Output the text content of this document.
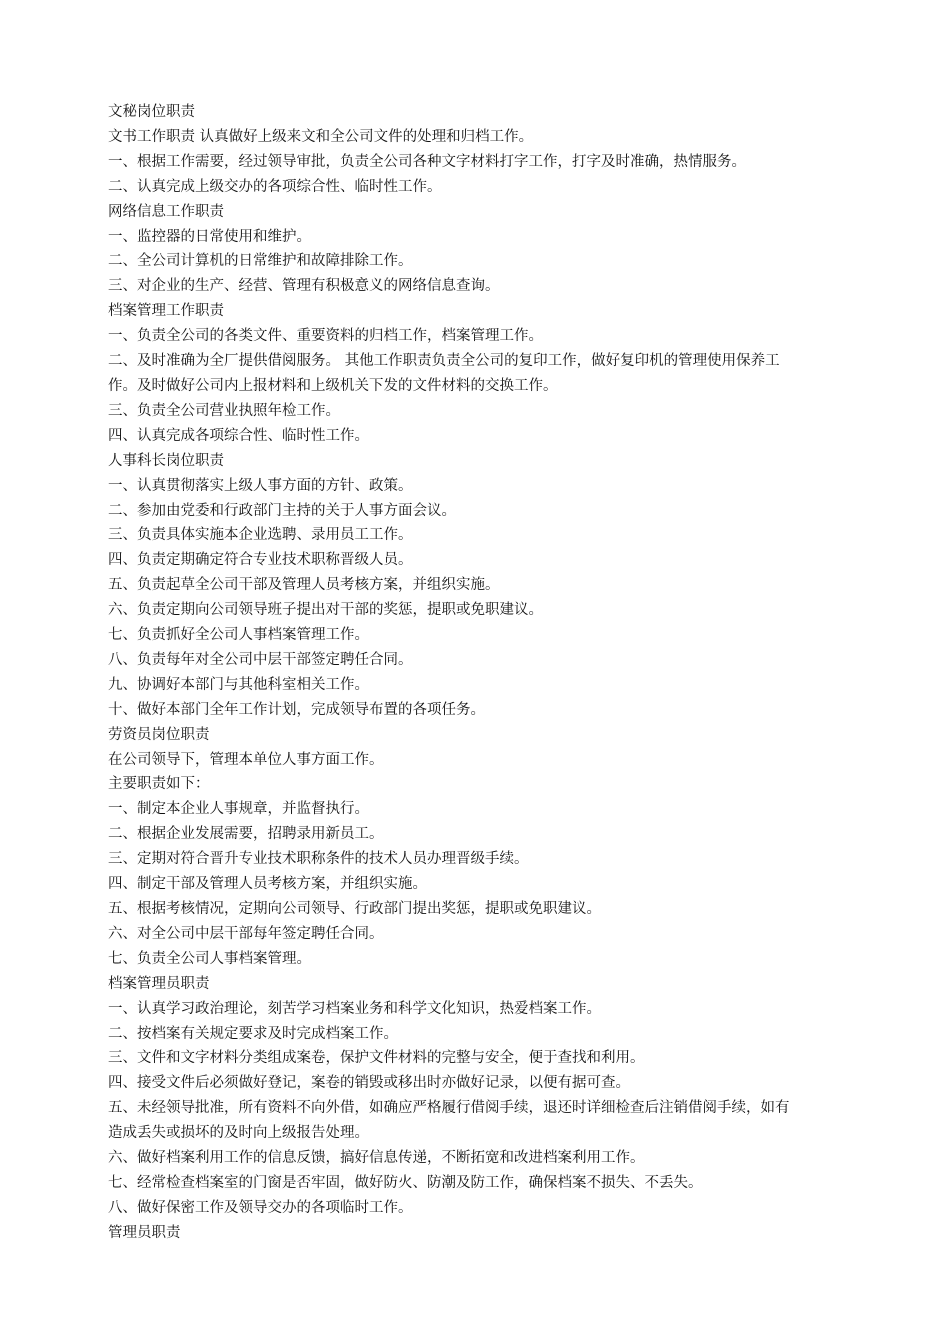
文秘岗位职责

文书工作职责 认真做好上级来文和全公司文件的处理和归档工作。

一、根据工作需要，经过领导审批，负责全公司各种文字材料打字工作，打字及时准确，热情服务。

二、认真完成上级交办的各项综合性、临时性工作。

网络信息工作职责

一、监控器的日常使用和维护。

二、全公司计算机的日常维护和故障排除工作。

三、对企业的生产、经营、管理有积极意义的网络信息查询。

档案管理工作职责

一、负责全公司的各类文件、重要资料的归档工作，档案管理工作。

二、及时准确为全厂提供借阅服务。 其他工作职责负责全公司的复印工作，做好复印机的管理使用保养工

作。及时做好公司内上报材料和上级机关下发的文件材料的交换工作。

三、负责全公司营业执照年检工作。

四、认真完成各项综合性、临时性工作。

人事科长岗位职责

一、认真贯彻落实上级人事方面的方针、政策。

二、参加由党委和行政部门主持的关于人事方面会议。

三、负责具体实施本企业选聘、录用员工工作。

四、负责定期确定符合专业技术职称晋级人员。

五、负责起草全公司干部及管理人员考核方案，并组织实施。

六、负责定期向公司领导班子提出对干部的奖惩，提职或免职建议。

七、负责抓好全公司人事档案管理工作。

八、负责每年对全公司中层干部签定聘任合同。

九、协调好本部门与其他科室相关工作。

十、做好本部门全年工作计划，完成领导布置的各项任务。

劳资员岗位职责

在公司领导下，管理本单位人事方面工作。

主要职责如下：

一、制定本企业人事规章，并监督执行。

二、根据企业发展需要，招聘录用新员工。

三、定期对符合晋升专业技术职称条件的技术人员办理晋级手续。

四、制定干部及管理人员考核方案，并组织实施。

五、根据考核情况，定期向公司领导、行政部门提出奖惩，提职或免职建议。

六、对全公司中层干部每年签定聘任合同。

七、负责全公司人事档案管理。

档案管理员职责

一、认真学习政治理论，刻苦学习档案业务和科学文化知识，热爱档案工作。

二、按档案有关规定要求及时完成档案工作。

三、文件和文字材料分类组成案卷，保护文件材料的完整与安全，便于查找和利用。

四、接受文件后必须做好登记，案卷的销毁或移出时亦做好记录，以便有据可查。

五、未经领导批准，所有资料不向外借，如确应严格履行借阅手续，退还时详细检查后注销借阅手续，如有

造成丢失或损坏的及时向上级报告处理。

六、做好档案利用工作的信息反馈，搞好信息传递，不断拓宽和改进档案利用工作。

七、经常检查档案室的门窗是否牢固，做好防火、防潮及防工作，确保档案不损失、不丢失。

八、做好保密工作及领导交办的各项临时工作。

管理员职责
